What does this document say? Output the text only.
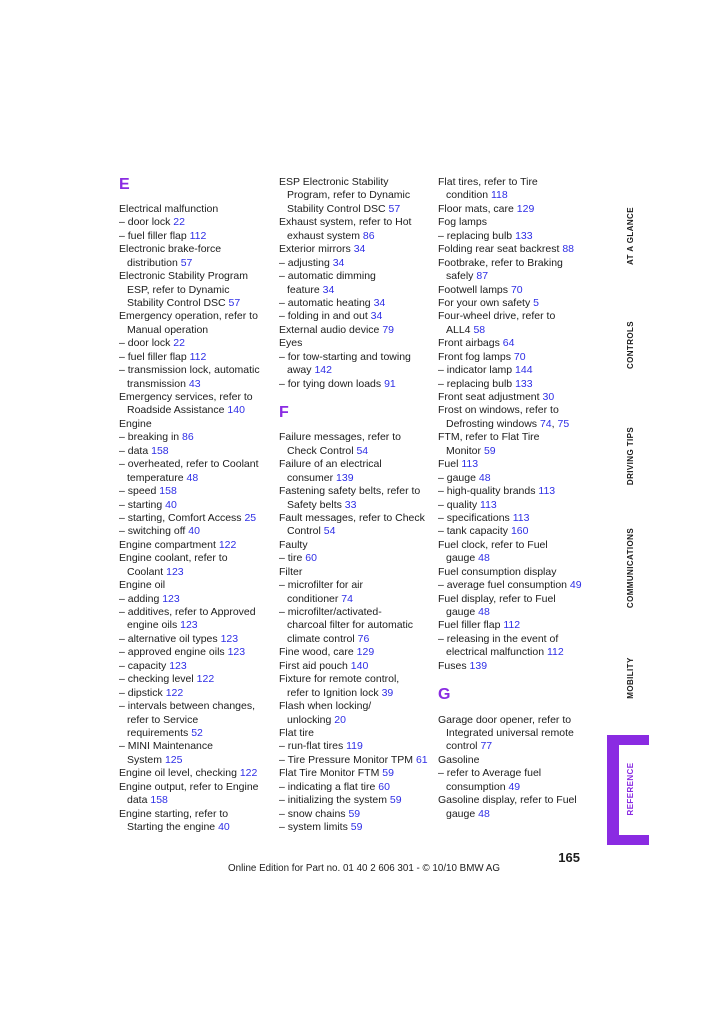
E
Electrical malfunction
– door lock 22
– fuel filler flap 112
Electronic brake-force
distribution 57
Electronic Stability Program
ESP, refer to Dynamic
Stability Control DSC 57
Emergency operation, refer to
Manual operation
– door lock 22
– fuel filler flap 112
– transmission lock, automatic
transmission 43
Emergency services, refer to
Roadside Assistance 140
Engine
– breaking in 86
– data 158
– overheated, refer to Coolant
temperature 48
– speed 158
– starting 40
– starting, Comfort Access 25
– switching off 40
Engine compartment 122
Engine coolant, refer to
Coolant 123
Engine oil
– adding 123
– additives, refer to Approved
engine oils 123
– alternative oil types 123
– approved engine oils 123
– capacity 123
– checking level 122
– dipstick 122
– intervals between changes,
refer to Service
requirements 52
– MINI Maintenance
System 125
Engine oil level, checking 122
Engine output, refer to Engine
data 158
Engine starting, refer to
Starting the engine 40
ESP Electronic Stability
Program, refer to Dynamic
Stability Control DSC 57
Exhaust system, refer to Hot
exhaust system 86
Exterior mirrors 34
– adjusting 34
– automatic dimming
feature 34
– automatic heating 34
– folding in and out 34
External audio device 79
Eyes
– for tow-starting and towing
away 142
– for tying down loads 91
F
Failure messages, refer to
Check Control 54
Failure of an electrical
consumer 139
Fastening safety belts, refer to
Safety belts 33
Fault messages, refer to Check
Control 54
Faulty
– tire 60
Filter
– microfilter for air
conditioner 74
– microfilter/activated-
charcoal filter for automatic
climate control 76
Fine wood, care 129
First aid pouch 140
Fixture for remote control,
refer to Ignition lock 39
Flash when locking/
unlocking 20
Flat tire
– run-flat tires 119
– Tire Pressure Monitor TPM 61
Flat Tire Monitor FTM 59
– indicating a flat tire 60
– initializing the system 59
– snow chains 59
– system limits 59
Flat tires, refer to Tire
condition 118
Floor mats, care 129
Fog lamps
– replacing bulb 133
Folding rear seat backrest 88
Footbrake, refer to Braking
safely 87
Footwell lamps 70
For your own safety 5
Four-wheel drive, refer to
ALL4 58
Front airbags 64
Front fog lamps 70
– indicator lamp 144
– replacing bulb 133
Front seat adjustment 30
Frost on windows, refer to
Defrosting windows 74, 75
FTM, refer to Flat Tire
Monitor 59
Fuel 113
– gauge 48
– high-quality brands 113
– quality 113
– specifications 113
– tank capacity 160
Fuel clock, refer to Fuel
gauge 48
Fuel consumption display
– average fuel consumption 49
Fuel display, refer to Fuel
gauge 48
Fuel filler flap 112
– releasing in the event of
electrical malfunction 112
Fuses 139
G
Garage door opener, refer to
Integrated universal remote
control 77
Gasoline
– refer to Average fuel
consumption 49
Gasoline display, refer to Fuel
gauge 48
AT A GLANCE
CONTROLS
DRIVING TIPS
COMMUNICATIONS
MOBILITY
REFERENCE
165
Online Edition for Part no. 01 40 2 606 301 - © 10/10 BMW AG
